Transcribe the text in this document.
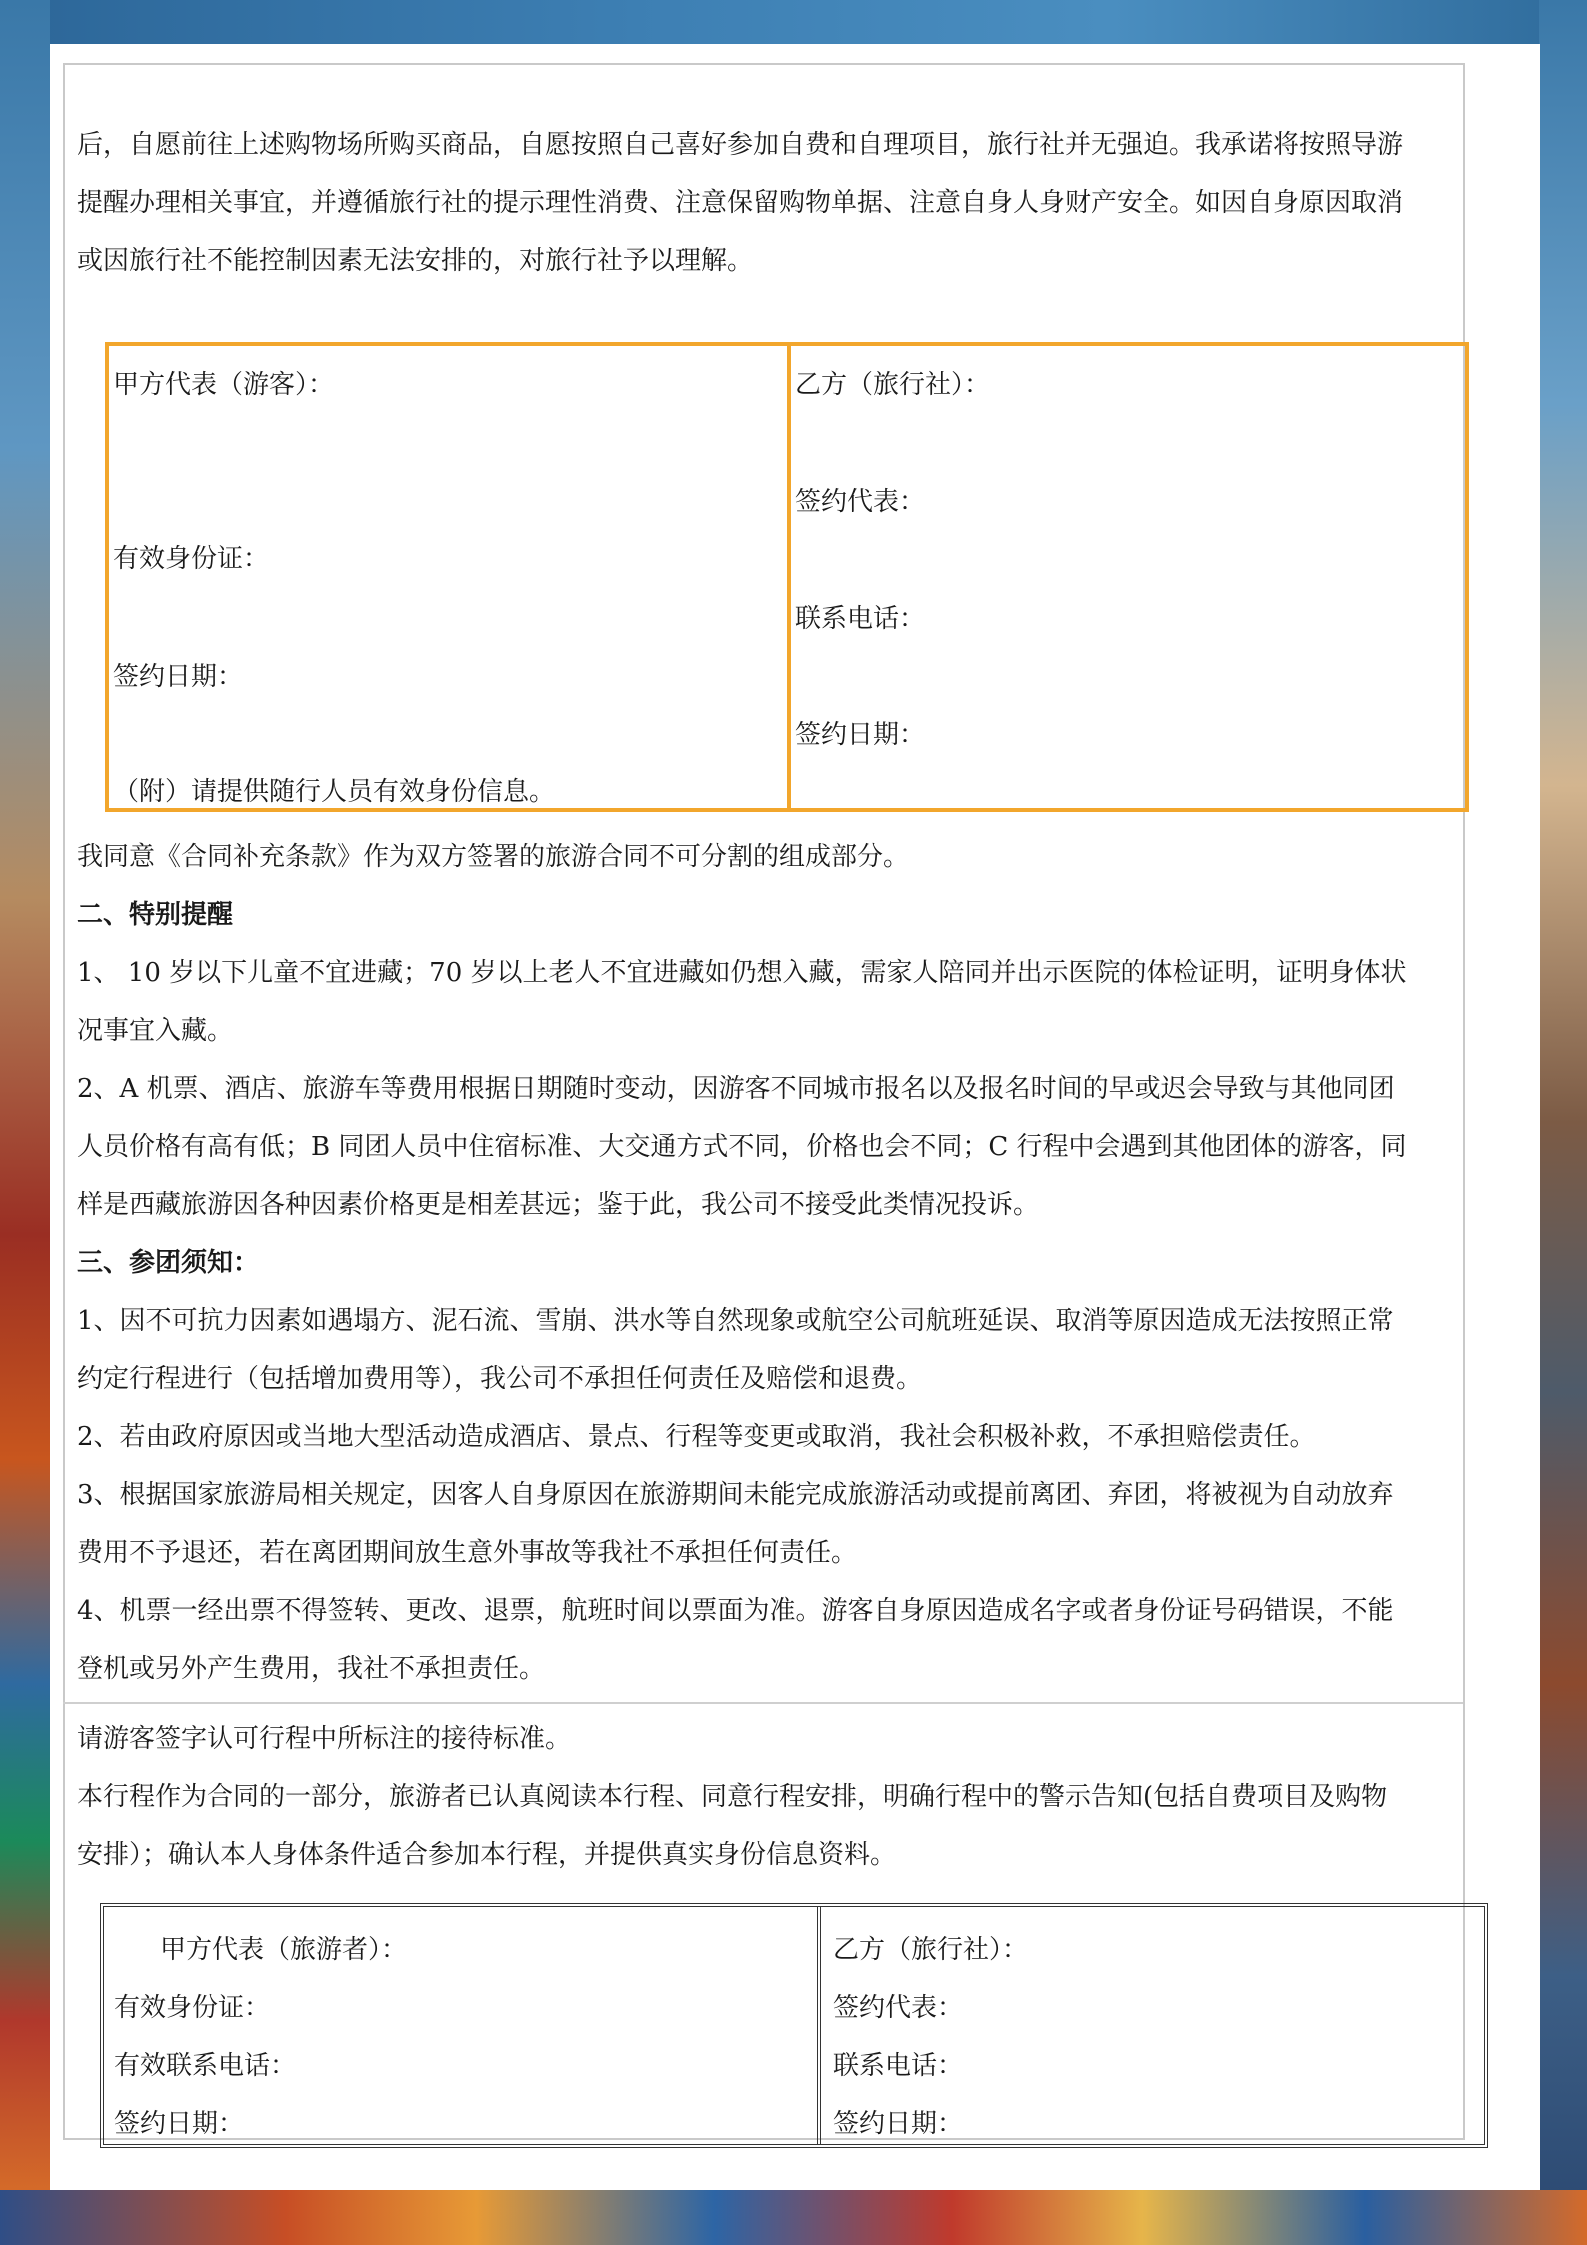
后，自愿前往上述购物场所购买商品，自愿按照自己喜好参加自费和自理项目，旅行社并无强迫。我承诺将按照导游

提醒办理相关事宜，并遵循旅行社的提示理性消费、注意保留购物单据、注意自身人身财产安全。如因自身原因取消

或因旅行社不能控制因素无法安排的，对旅行社予以理解。

甲方代表（游客）：
有效身份证：
签约日期：
（附）请提供随行人员有效身份信息。
乙方（旅行社）：
签约代表：
联系电话：
签约日期：

我同意《合同补充条款》作为双方签署的旅游合同不可分割的组成部分。

二、特别提醒

1、 10 岁以下儿童不宜进藏；70 岁以上老人不宜进藏如仍想入藏，需家人陪同并出示医院的体检证明，证明身体状

况事宜入藏。

2、A 机票、酒店、旅游车等费用根据日期随时变动，因游客不同城市报名以及报名时间的早或迟会导致与其他同团

人员价格有高有低；B 同团人员中住宿标准、大交通方式不同，价格也会不同；C 行程中会遇到其他团体的游客，同

样是西藏旅游因各种因素价格更是相差甚远；鉴于此，我公司不接受此类情况投诉。

三、参团须知：

1、因不可抗力因素如遇塌方、泥石流、雪崩、洪水等自然现象或航空公司航班延误、取消等原因造成无法按照正常

约定行程进行（包括增加费用等），我公司不承担任何责任及赔偿和退费。

2、若由政府原因或当地大型活动造成酒店、景点、行程等变更或取消，我社会积极补救，不承担赔偿责任。

3、根据国家旅游局相关规定，因客人自身原因在旅游期间未能完成旅游活动或提前离团、弃团，将被视为自动放弃

费用不予退还，若在离团期间放生意外事故等我社不承担任何责任。

4、机票一经出票不得签转、更改、退票，航班时间以票面为准。游客自身原因造成名字或者身份证号码错误，不能

登机或另外产生费用，我社不承担责任。

请游客签字认可行程中所标注的接待标准。

本行程作为合同的一部分，旅游者已认真阅读本行程、同意行程安排，明确行程中的警示告知(包括自费项目及购物

安排）；确认本人身体条件适合参加本行程，并提供真实身份信息资料。

甲方代表（旅游者）：
有效身份证：
有效联系电话：
签约日期：
乙方（旅行社）：
签约代表：
联系电话：
签约日期：
